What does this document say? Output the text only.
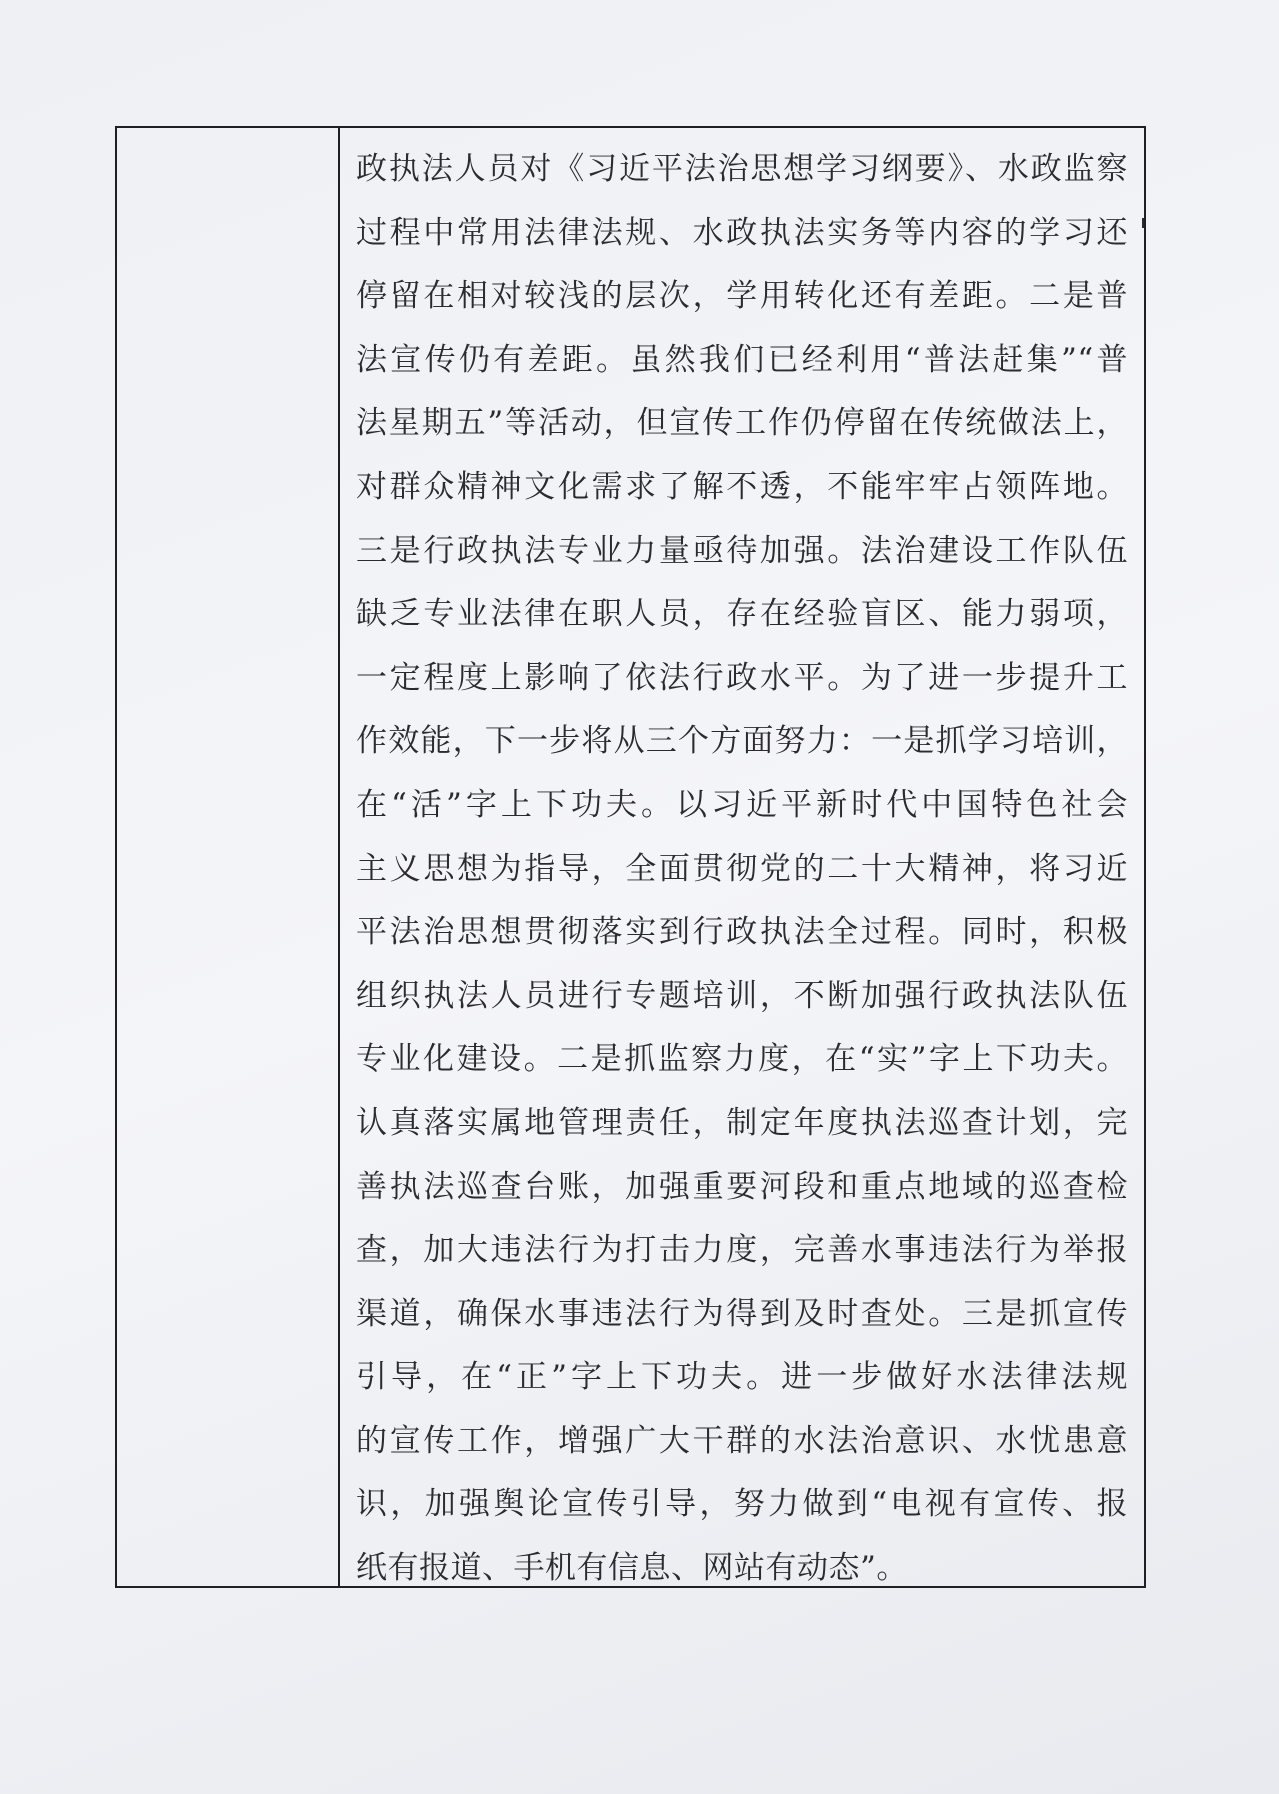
政执法人员对《习近平法治思想学习纲要》、水政监察
过程中常用法律法规、水政执法实务等内容的学习还
停留在相对较浅的层次，学用转化还有差距。二是普
法宣传仍有差距。虽然我们已经利用“普法赶集”“普
法星期五”等活动，但宣传工作仍停留在传统做法上，
对群众精神文化需求了解不透，不能牢牢占领阵地。
三是行政执法专业力量亟待加强。法治建设工作队伍
缺乏专业法律在职人员，存在经验盲区、能力弱项，
一定程度上影响了依法行政水平。为了进一步提升工
作效能，下一步将从三个方面努力：一是抓学习培训，
在“活”字上下功夫。以习近平新时代中国特色社会
主义思想为指导，全面贯彻党的二十大精神，将习近
平法治思想贯彻落实到行政执法全过程。同时，积极
组织执法人员进行专题培训，不断加强行政执法队伍
专业化建设。二是抓监察力度，在“实”字上下功夫。
认真落实属地管理责任，制定年度执法巡查计划，完
善执法巡查台账，加强重要河段和重点地域的巡查检
查，加大违法行为打击力度，完善水事违法行为举报
渠道，确保水事违法行为得到及时查处。三是抓宣传
引导，在“正”字上下功夫。进一步做好水法律法规
的宣传工作，增强广大干群的水法治意识、水忧患意
识，加强舆论宣传引导，努力做到“电视有宣传、报
纸有报道、手机有信息、网站有动态”。
